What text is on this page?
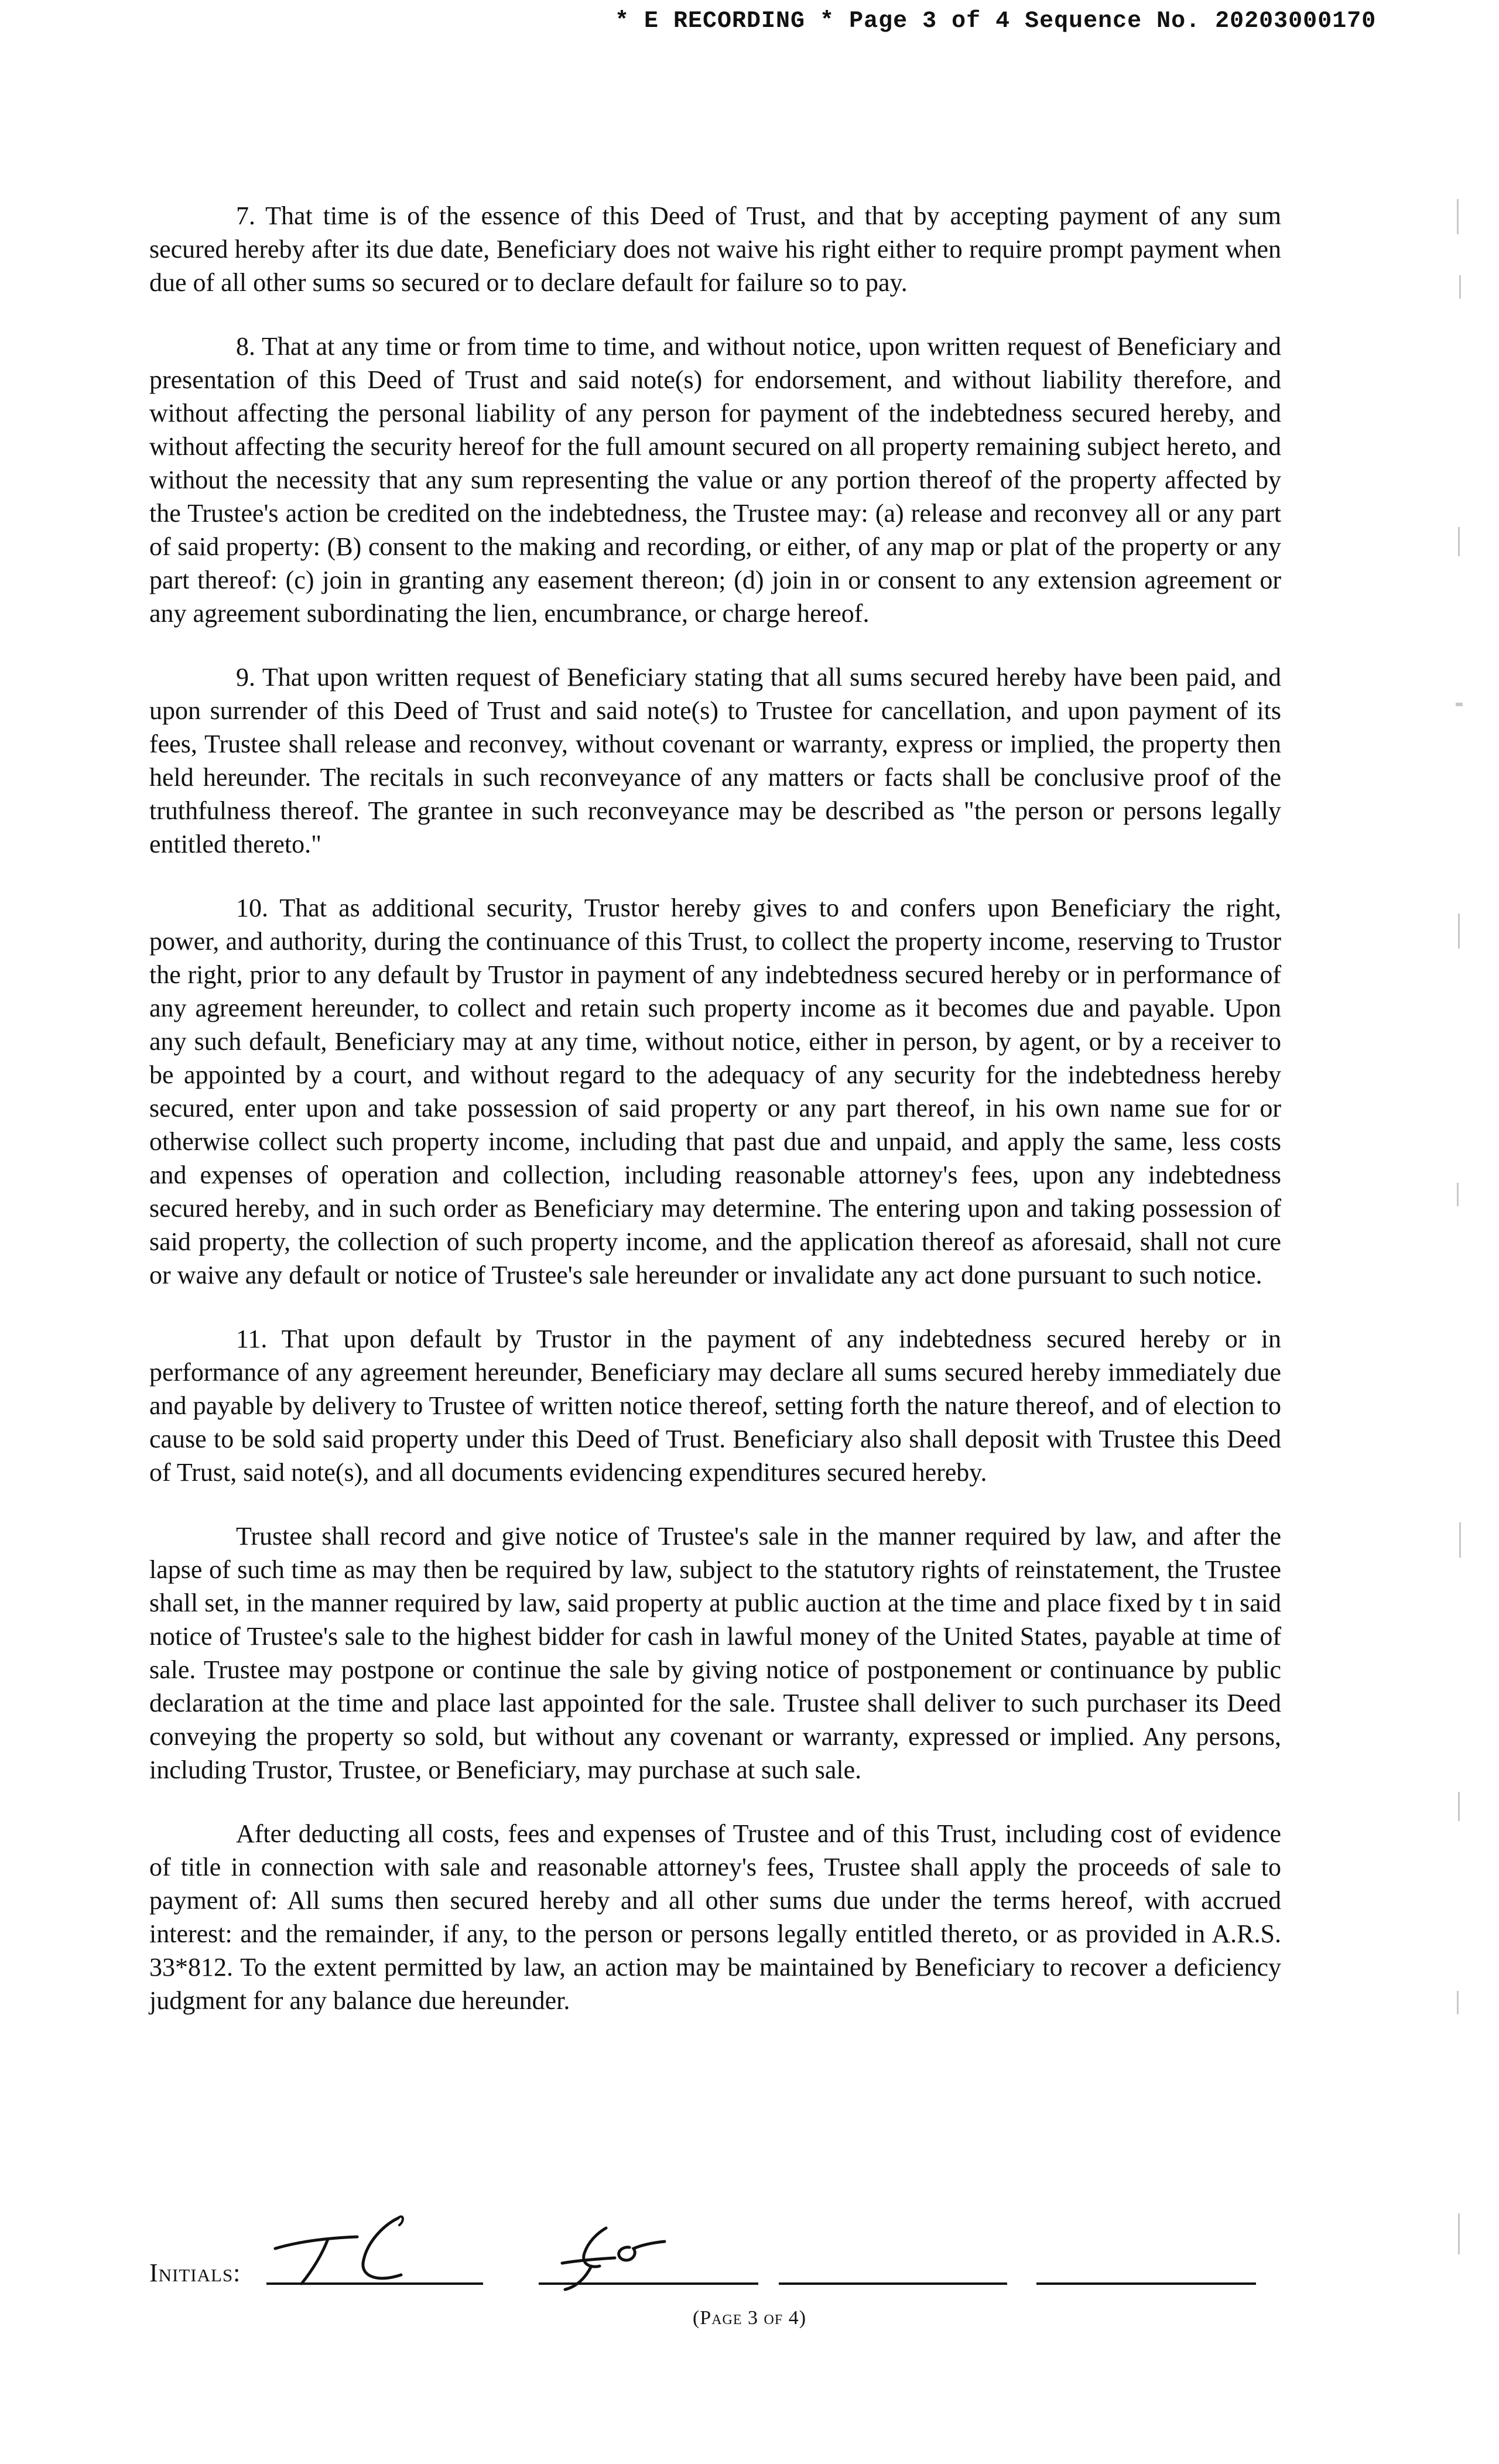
* E RECORDING * Page 3 of 4 Sequence No. 20203000170

7. That time is of the essence of this Deed of Trust, and that by accepting payment of any sum secured hereby after its due date, Beneficiary does not waive his right either to require prompt payment when due of all other sums so secured or to declare default for failure so to pay.

8. That at any time or from time to time, and without notice, upon written request of Beneficiary and presentation of this Deed of Trust and said note(s) for endorsement, and without liability therefore, and without affecting the personal liability of any person for payment of the indebtedness secured hereby, and without affecting the security hereof for the full amount secured on all property remaining subject hereto, and without the necessity that any sum representing the value or any portion thereof of the property affected by the Trustee's action be credited on the indebtedness, the Trustee may: (a) release and reconvey all or any part of said property: (B) consent to the making and recording, or either, of any map or plat of the property or any part thereof: (c) join in granting any easement thereon; (d) join in or consent to any extension agreement or any agreement subordinating the lien, encumbrance, or charge hereof.

9. That upon written request of Beneficiary stating that all sums secured hereby have been paid, and upon surrender of this Deed of Trust and said note(s) to Trustee for cancellation, and upon payment of its fees, Trustee shall release and reconvey, without covenant or warranty, express or implied, the property then held hereunder. The recitals in such reconveyance of any matters or facts shall be conclusive proof of the truthfulness thereof. The grantee in such reconveyance may be described as "the person or persons legally entitled thereto."

10. That as additional security, Trustor hereby gives to and confers upon Beneficiary the right, power, and authority, during the continuance of this Trust, to collect the property income, reserving to Trustor the right, prior to any default by Trustor in payment of any indebtedness secured hereby or in performance of any agreement hereunder, to collect and retain such property income as it becomes due and payable. Upon any such default, Beneficiary may at any time, without notice, either in person, by agent, or by a receiver to be appointed by a court, and without regard to the adequacy of any security for the indebtedness hereby secured, enter upon and take possession of said property or any part thereof, in his own name sue for or otherwise collect such property income, including that past due and unpaid, and apply the same, less costs and expenses of operation and collection, including reasonable attorney's fees, upon any indebtedness secured hereby, and in such order as Beneficiary may determine. The entering upon and taking possession of said property, the collection of such property income, and the application thereof as aforesaid, shall not cure or waive any default or notice of Trustee's sale hereunder or invalidate any act done pursuant to such notice.

11. That upon default by Trustor in the payment of any indebtedness secured hereby or in performance of any agreement hereunder, Beneficiary may declare all sums secured hereby immediately due and payable by delivery to Trustee of written notice thereof, setting forth the nature thereof, and of election to cause to be sold said property under this Deed of Trust. Beneficiary also shall deposit with Trustee this Deed of Trust, said note(s), and all documents evidencing expenditures secured hereby.

Trustee shall record and give notice of Trustee's sale in the manner required by law, and after the lapse of such time as may then be required by law, subject to the statutory rights of reinstatement, the Trustee shall set, in the manner required by law, said property at public auction at the time and place fixed by t in said notice of Trustee's sale to the highest bidder for cash in lawful money of the United States, payable at time of sale. Trustee may postpone or continue the sale by giving notice of postponement or continuance by public declaration at the time and place last appointed for the sale. Trustee shall deliver to such purchaser its Deed conveying the property so sold, but without any covenant or warranty, expressed or implied. Any persons, including Trustor, Trustee, or Beneficiary, may purchase at such sale.

After deducting all costs, fees and expenses of Trustee and of this Trust, including cost of evidence of title in connection with sale and reasonable attorney's fees, Trustee shall apply the proceeds of sale to payment of: All sums then secured hereby and all other sums due under the terms hereof, with accrued interest: and the remainder, if any, to the person or persons legally entitled thereto, or as provided in A.R.S. 33*812. To the extent permitted by law, an action may be maintained by Beneficiary to recover a deficiency judgment for any balance due hereunder.

Initials:
(Page 3 of 4)
